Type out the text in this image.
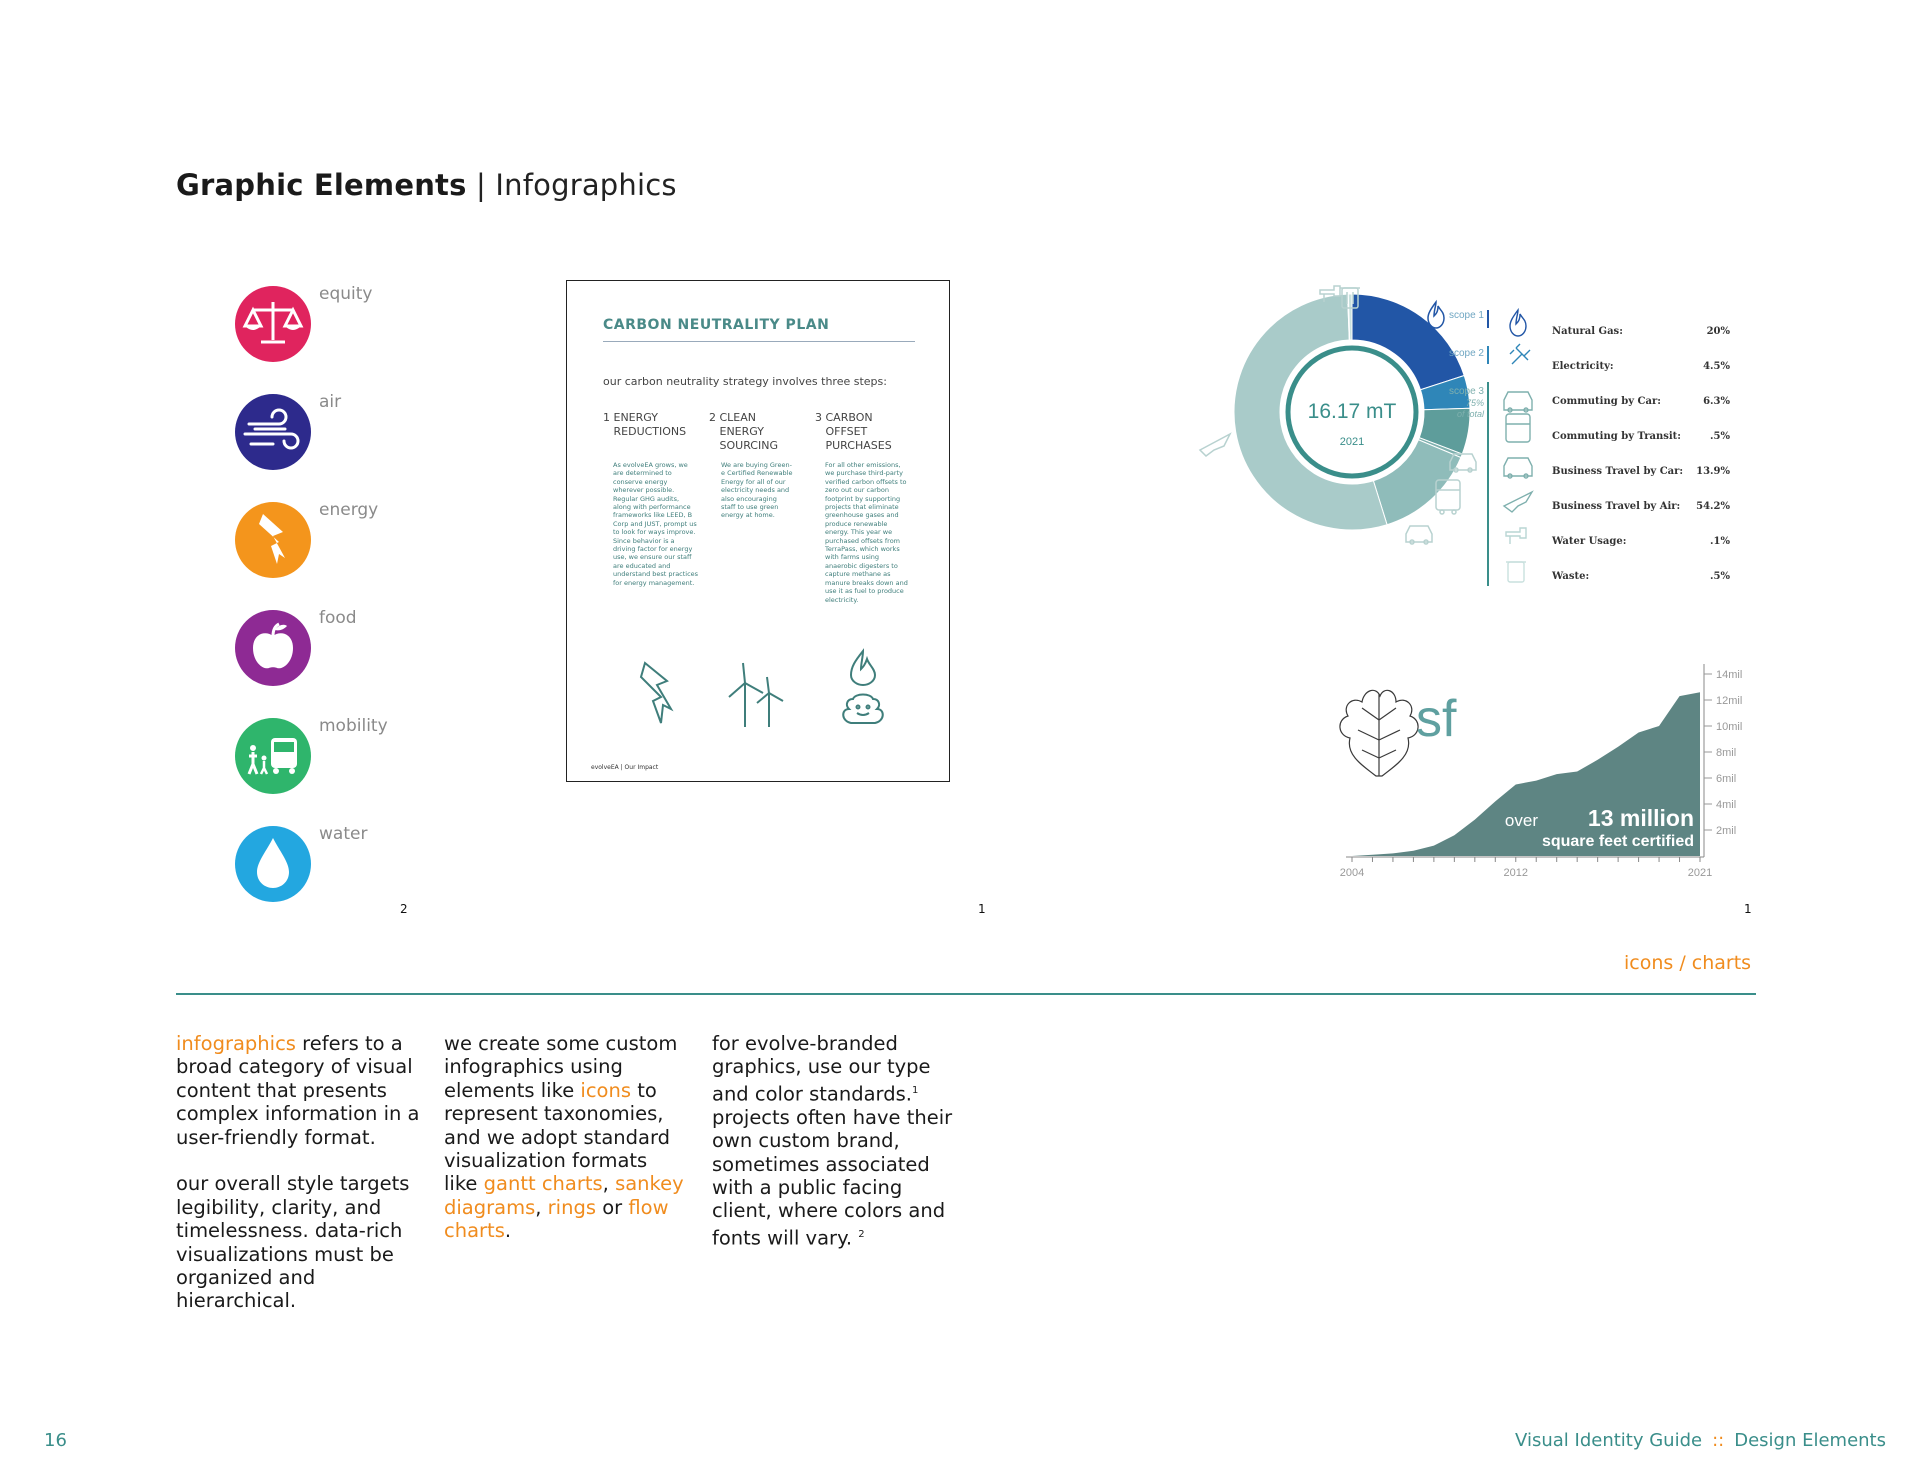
Graphic Elements | Infographics
equity
air
energy
food
mobility
water
2
CARBON NEUTRALITY PLAN
our carbon neutrality strategy involves three steps:
1 ENERGY
REDUCTIONS
2 CLEAN
ENERGY
SOURCING
3 CARBON
OFFSET
PURCHASES
As evolveEA grows, we are determined to conserve energy wherever possible. Regular GHG audits, along with performance frameworks like LEED, B Corp and JUST, prompt us to look for ways improve. Since behavior is a driving factor for energy use, we ensure our staff are educated and understand best practices for energy management.
We are buying Green-e Certified Renewable Energy for all of our electricity needs and also encouraging staff to use green energy at home.
For all other emissions, we purchase third-party verified carbon offsets to zero out our carbon footprint by supporting projects that eliminate greenhouse gases and produce renewable energy. This year we purchased offsets from TerraPass, which works with farms using anaerobic digesters to capture methane as manure breaks down and use it as fuel to produce electricity.
evolveEA | Our Impact
1
16.17 mT
2021
scope 1
scope 2
scope 3
75%
of total
Natural Gas:	20%
Electricity:	4.5%
Commuting by Car:	6.3%
Commuting by Transit:	.5%
Business Travel by Car: 13.9%
Business Travel by Air: 54.2%
Water Usage:	.1%
Waste:	.5%
sf
14mil
12mil
10mil
8mil
6mil
4mil
2mil
2004	2012	2021
over 13 million
square feet certified
1
icons / charts

infographics refers to a broad category of visual content that presents complex information in a user-friendly format.

our overall style targets legibility, clarity, and timelessness. data-rich visualizations must be organized and hierarchical.

we create some custom infographics using elements like icons to represent taxonomies, and we adopt standard visualization formats like gantt charts, sankey diagrams, rings or flow charts.
for evolve-branded graphics, use our type and color standards.$^1$ projects often have their own custom brand, sometimes associated with a public facing client, where colors and fonts will vary. $^2$
16	Visual Identity Guide :: Design Elements
